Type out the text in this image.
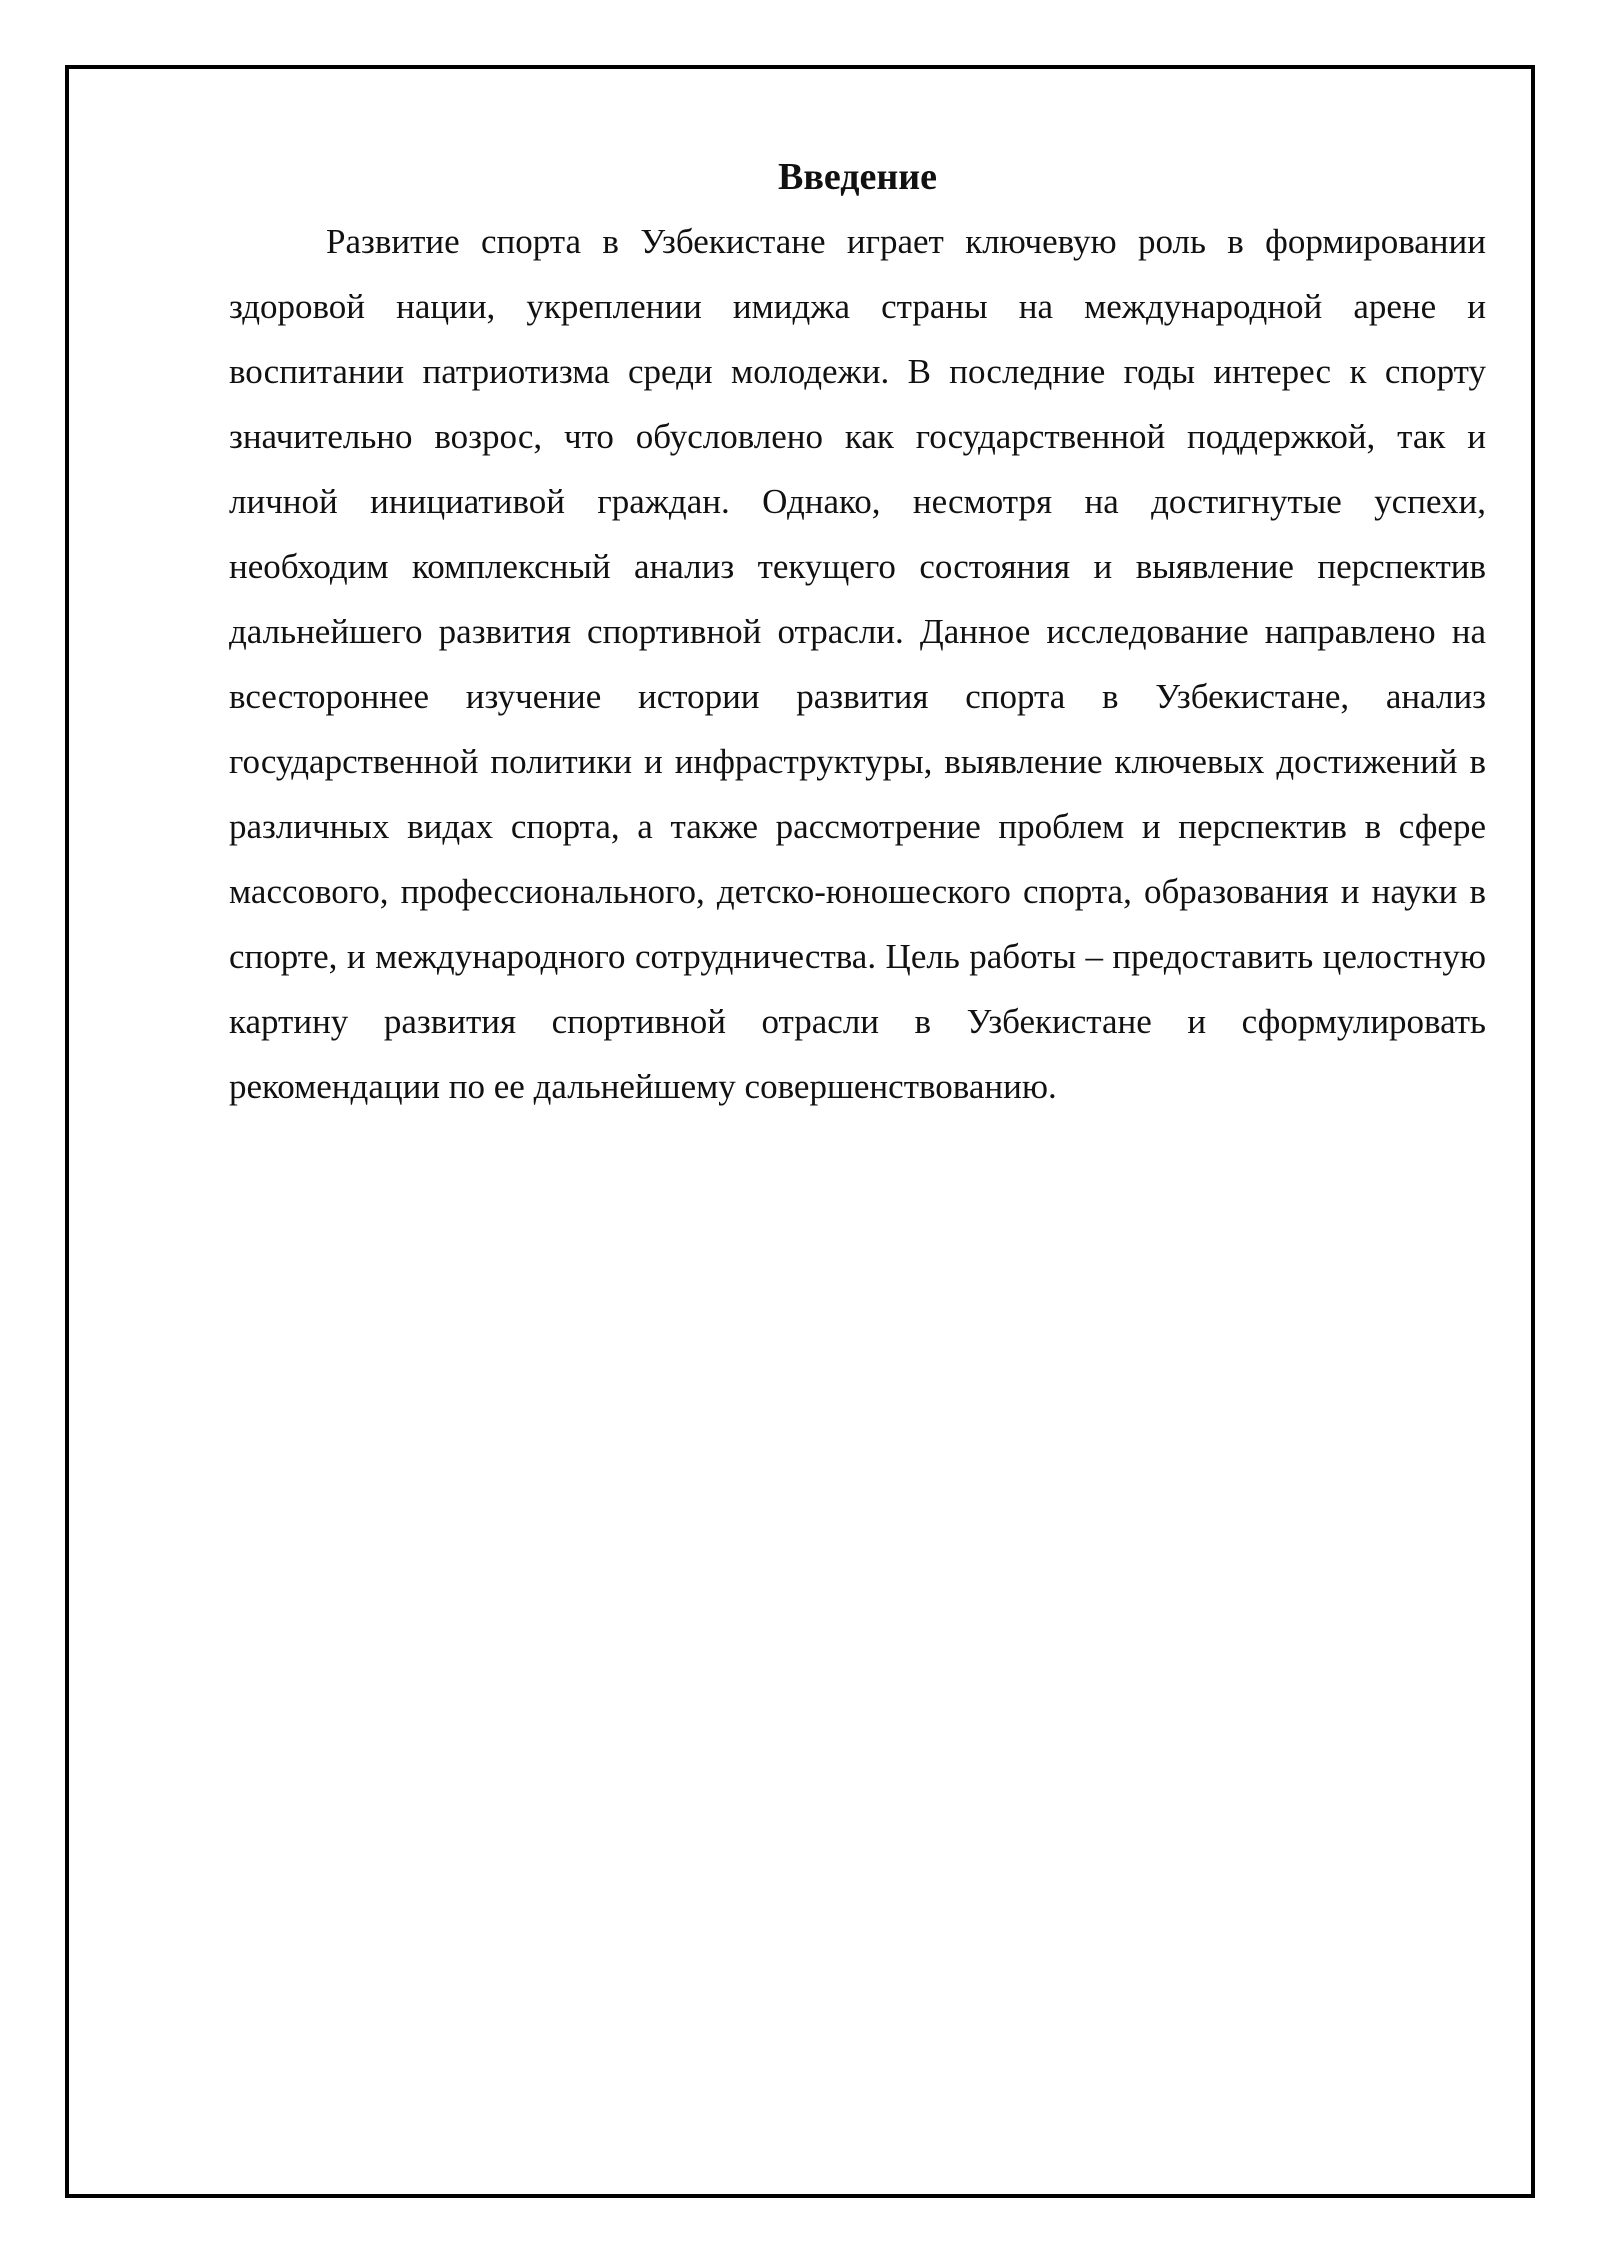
Введение

Развитие спорта в Узбекистане играет ключевую роль в формировании здоровой нации, укреплении имиджа страны на международной арене и воспитании патриотизма среди молодежи. В последние годы интерес к спорту значительно возрос, что обусловлено как государственной поддержкой, так и личной инициативой граждан. Однако, несмотря на достигнутые успехи, необходим комплексный анализ текущего состояния и выявление перспектив дальнейшего развития спортивной отрасли. Данное исследование направлено на всестороннее изучение истории развития спорта в Узбекистане, анализ государственной политики и инфраструктуры, выявление ключевых достижений в различных видах спорта, а также рассмотрение проблем и перспектив в сфере массового, профессионального, детско-юношеского спорта, образования и науки в спорте, и международного сотрудничества. Цель работы – предоставить целостную картину развития спортивной отрасли в Узбекистане и сформулировать рекомендации по ее дальнейшему совершенствованию.
